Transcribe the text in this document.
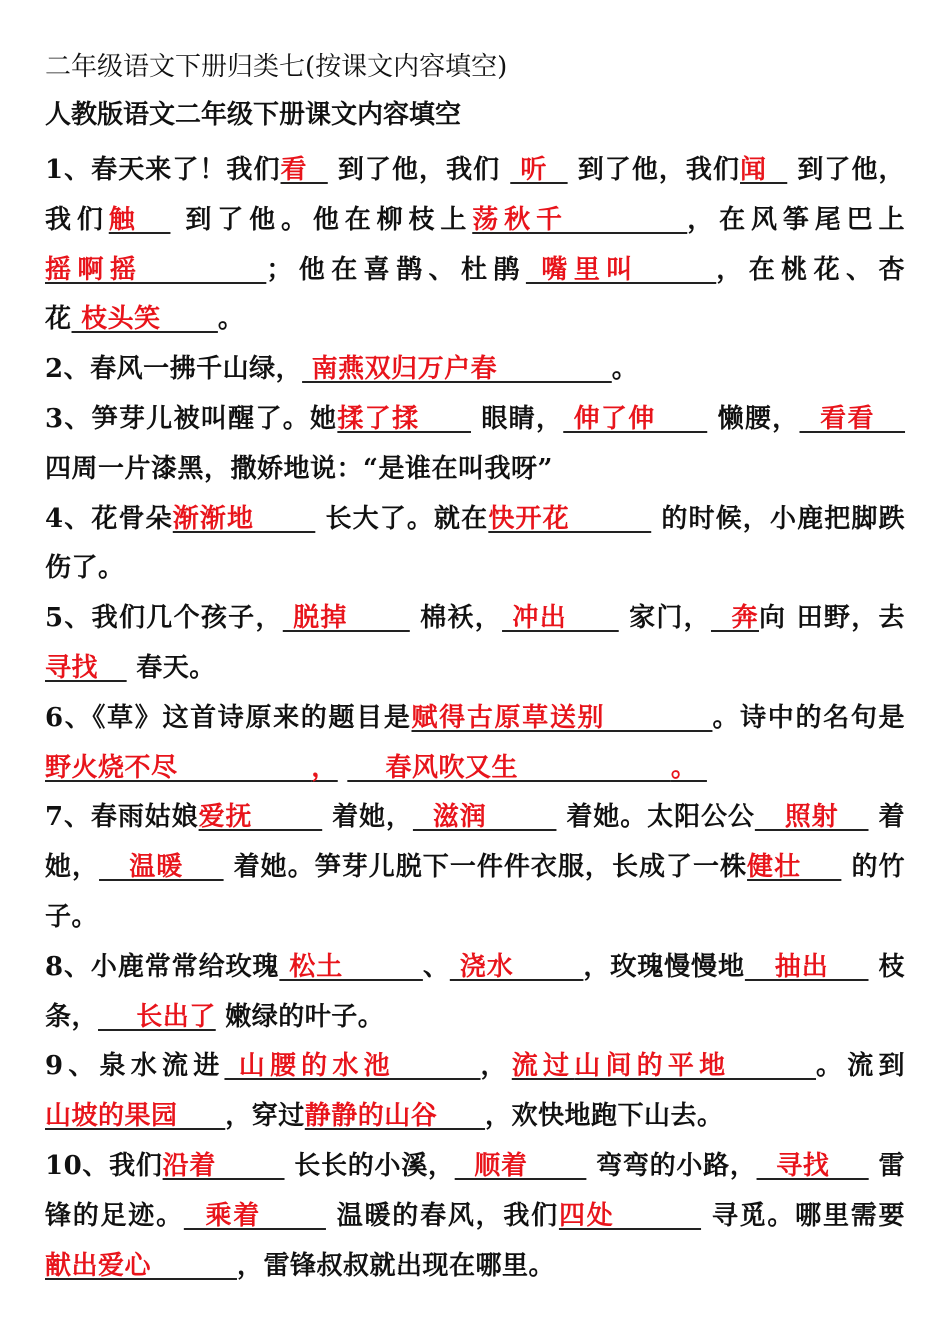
二年级语文下册归类七(按课文内容填空)
人教版语文二年级下册课文内容填空
1、春天来了！我们看   到了他，我们  听   到了他，我们闻   到了他，我们触   到了他。他在柳枝上荡秋千        ，在风筝尾巴上摇啊摇        ；他在喜鹊、杜鹃 嘴里叫     ，在桃花、杏花 枝头笑      。
2、春风一拂千山绿， 南燕双归万户春            。
3、笋芽儿被叫醒了。她揉了揉      眼睛， 伸了伸      懒腰，  看看    四周一片漆黑，撒娇地说：“是谁在叫我呀”
4、花骨朵渐渐地       长大了。就在快开花         的时候，小鹿把脚跌伤了。
5、我们几个孩子， 脱掉       棉袄， 冲出      家门，  奔向 田野，去寻找    春天。
6、《草》这首诗原来的题目是赋得古原草送别          。诗中的名句是野火烧不尽              ，     春风吹又生                。
7、春雨姑娘爱抚        着她，  滋润        着她。太阳公公   照射    着她，   温暖     着她。笋芽儿脱下一件件衣服，长成了一株健壮     的竹子。
8、小鹿常常给玫瑰 松土        、 浇水       ，玫瑰慢慢地   抽出     枝条，    长出了 嫩绿的叶子。
9、泉水流进 山腰的水池      ，流过山间的平地      。流到山坡的果园     ，穿过静静的山谷     ，欢快地跑下山去。
10、我们沿着        长长的小溪，  顺着       弯弯的小路，  寻找     雷锋的足迹。  乘着       温暖的春风，我们四处         寻觅。哪里需要献出爱心         ，雷锋叔叔就出现在哪里。
